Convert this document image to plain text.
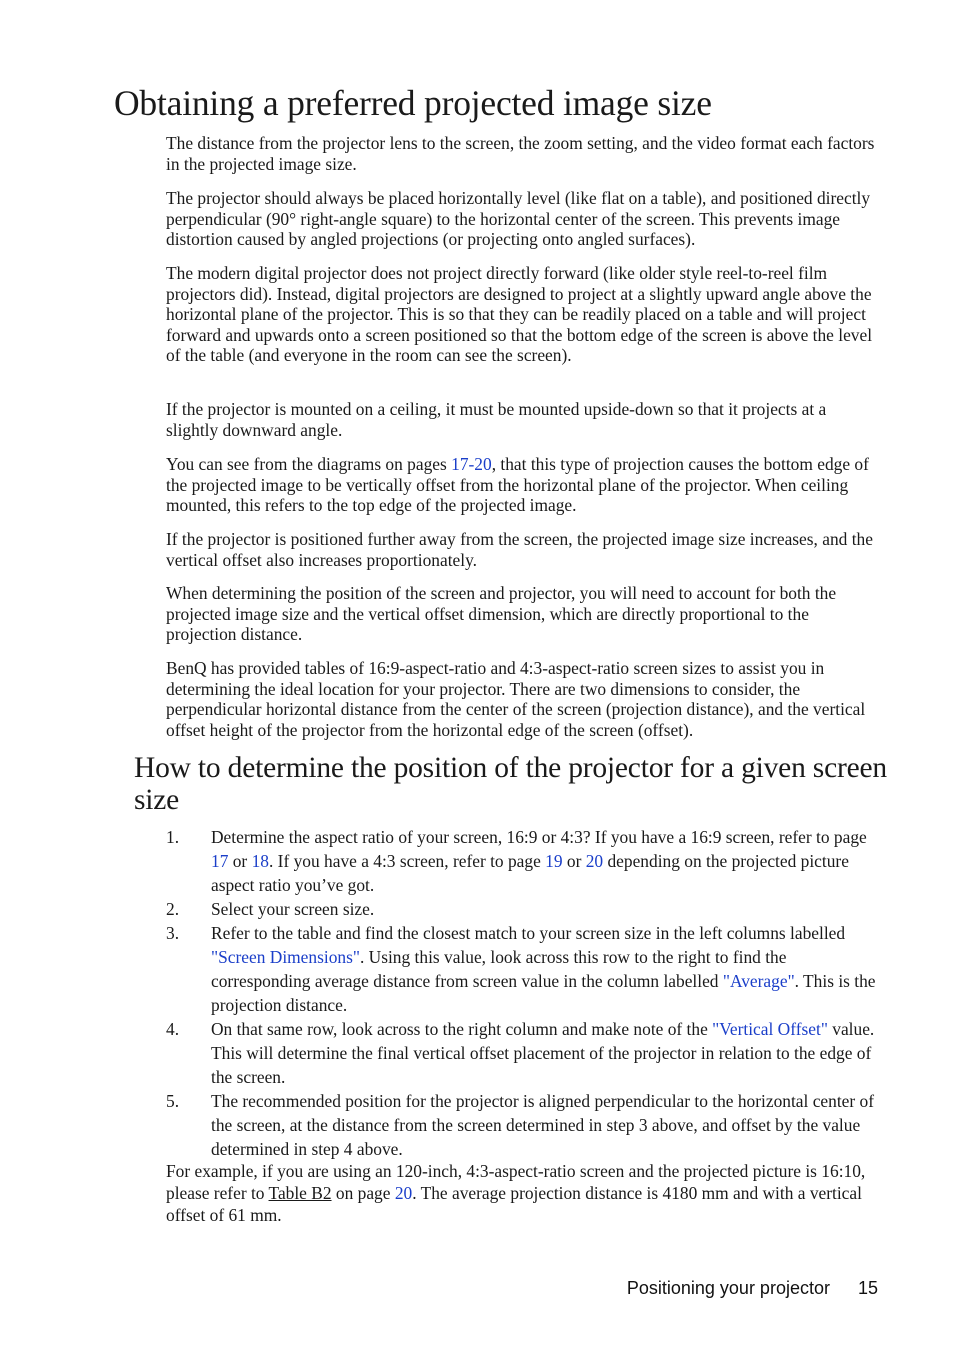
Obtaining a preferred projected image size

The distance from the projector lens to the screen, the zoom setting, and the video format each factors in the projected image size.

The projector should always be placed horizontally level (like flat on a table), and positioned directly perpendicular (90° right-angle square) to the horizontal center of the screen. This prevents image distortion caused by angled projections (or projecting onto angled surfaces).

The modern digital projector does not project directly forward (like older style reel-to-reel film projectors did). Instead, digital projectors are designed to project at a slightly upward angle above the horizontal plane of the projector. This is so that they can be readily placed on a table and will project forward and upwards onto a screen positioned so that the bottom edge of the screen is above the level of the table (and everyone in the room can see the screen).

If the projector is mounted on a ceiling, it must be mounted upside-down so that it projects at a slightly downward angle.

You can see from the diagrams on pages 17-20, that this type of projection causes the bottom edge of the projected image to be vertically offset from the horizontal plane of the projector. When ceiling mounted, this refers to the top edge of the projected image.

If the projector is positioned further away from the screen, the projected image size increases, and the vertical offset also increases proportionately.

When determining the position of the screen and projector, you will need to account for both the projected image size and the vertical offset dimension, which are directly proportional to the projection distance.

BenQ has provided tables of 16:9-aspect-ratio and 4:3-aspect-ratio screen sizes to assist you in determining the ideal location for your projector. There are two dimensions to consider, the perpendicular horizontal distance from the center of the screen (projection distance), and the vertical offset height of the projector from the horizontal edge of the screen (offset).

How to determine the position of the projector for a given screen size
1. Determine the aspect ratio of your screen, 16:9 or 4:3? If you have a 16:9 screen, refer to page 17 or 18. If you have a 4:3 screen, refer to page 19 or 20 depending on the projected picture aspect ratio you’ve got.
2. Select your screen size.
3. Refer to the table and find the closest match to your screen size in the left columns labelled "Screen Dimensions". Using this value, look across this row to the right to find the corresponding average distance from screen value in the column labelled "Average". This is the projection distance.
4. On that same row, look across to the right column and make note of the "Vertical Offset" value. This will determine the final vertical offset placement of the projector in relation to the edge of the screen.
5. The recommended position for the projector is aligned perpendicular to the horizontal center of the screen, at the distance from the screen determined in step 3 above, and offset by the value determined in step 4 above.

For example, if you are using an 120-inch, 4:3-aspect-ratio screen and the projected picture is 16:10, please refer to Table B2 on page 20. The average projection distance is 4180 mm and with a vertical offset of 61 mm.

Positioning your projector 15
